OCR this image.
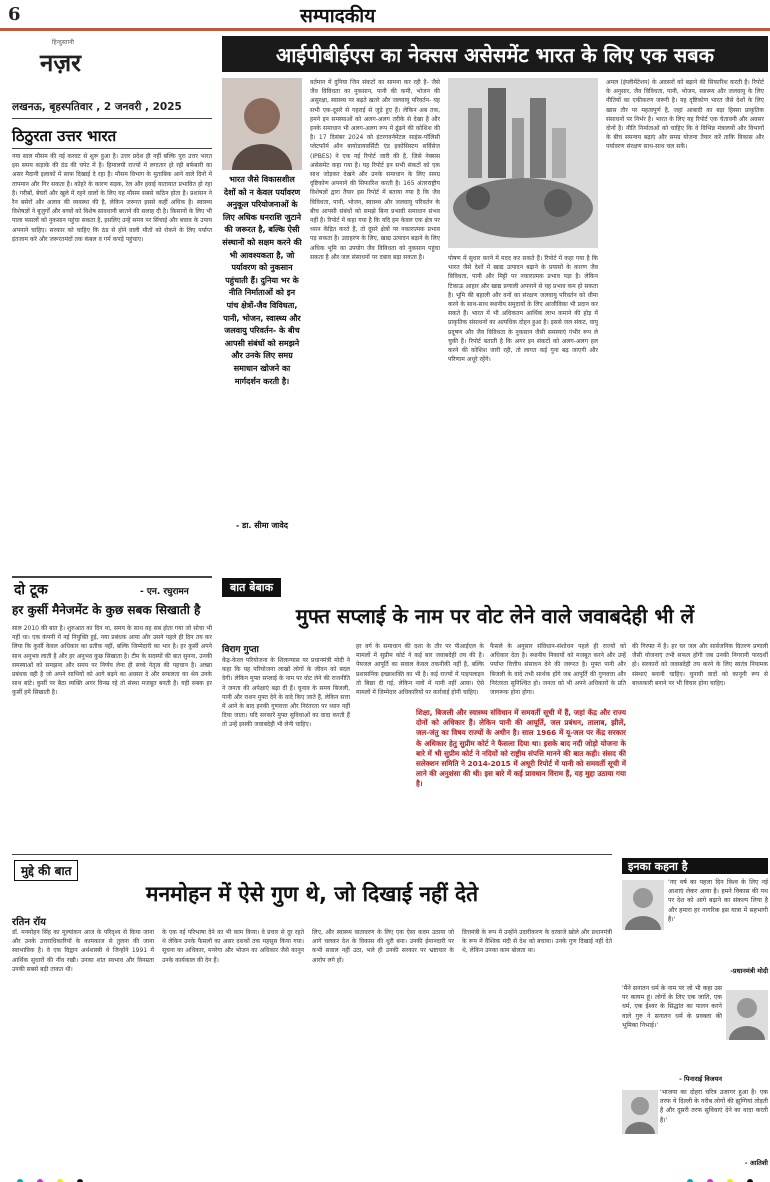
6	सम्पादकीय
हिन्दुस्तानी
नज़र
लखनऊ, बृहस्पतिवार , 2 जनवरी , 2025
आईपीबीईएस का नेक्सस असेसमेंट भारत के लिए एक सबक
ठिठुरता उत्तर भारत
नया साल मौसम की नई करवट से शुरू हुआ है। उत्तर प्रदेश ही नहीं बल्कि पूरा उत्तर भारत इस समय कड़ाके की ठंड की चपेट में है। हिमालयी राज्यों में लगातार हो रही बर्फबारी का असर मैदानी इलाकों में साफ दिखाई दे रहा है। मौसम विभाग के मुताबिक आने वाले दिनों में तापमान और गिर सकता है। कोहरे के कारण सड़क, रेल और हवाई यातायात प्रभावित हो रहा है। गरीबों, बेघरों और खुले में रहने वालों के लिए यह मौसम सबसे कठिन होता है। प्रशासन ने रैन बसेरों और अलाव की व्यवस्था की है, लेकिन जरूरत इससे कहीं अधिक है। स्वास्थ्य विशेषज्ञों ने बुजुर्गों और बच्चों को विशेष सावधानी बरतने की सलाह दी है। किसानों के लिए भी पाला फसलों को नुकसान पहुंचा सकता है, इसलिए उन्हें समय पर सिंचाई और बचाव के उपाय अपनाने चाहिए। सरकार को चाहिए कि ठंड से होने वाली मौतों को रोकने के लिए पर्याप्त इंतजाम करे और जरूरतमंदों तक कंबल व गर्म कपड़े पहुंचाए।
भारत जैसे विकासशील देशों को न केवल पर्यावरण अनुकूल परियोजनाओं के लिए अधिक धनराशि जुटाने की जरूरत है, बल्कि ऐसी संस्थानों को सक्षम करने की भी आवश्यकता है, जो पर्यावरण को नुकसान पहुंचाती हैं। दुनिया भर के नीति निर्माताओं को इन पांच क्षेत्रों-जैव विविधता, पानी, भोजन, स्वास्थ्य और जलवायु परिवर्तन- के बीच आपसी संबंधों को समझने और उनके लिए समग्र समाधान खोजने का मार्गदर्शन करती है।
- डा. सीमा जावेद
वर्तमान में दुनिया जिन संकटों का सामना कर रही है- जैसे जैव विविधता का नुकसान, पानी की कमी, भोजन की असुरक्षा, स्वास्थ्य पर बढ़ते खतरे और जलवायु परिवर्तन- यह सभी एक-दूसरे से गहराई से जुड़े हुए हैं। लेकिन अब तक, हमने इन समस्याओं को अलग-अलग तरीके से देखा है और इनके समाधान भी अलग-अलग रूप में ढूंढने की कोशिश की है। 17 दिसंबर 2024 को इंटरगवर्नमेंटल साइंस-पॉलिसी प्लेटफॉर्म ऑन बायोडायवर्सिटी एंड इकोसिस्टम सर्विसेज (IPBES) ने एक नई रिपोर्ट जारी की है, जिसे नेक्सस असेसमेंट कहा गया है। यह रिपोर्ट इन सभी संकटों को एक साथ जोड़कर देखने और उनके समाधान के लिए समग्र दृष्टिकोण अपनाने की सिफारिश करती है। 165 अंतरराष्ट्रीय विशेषज्ञों द्वारा तैयार इस रिपोर्ट में बताया गया है कि जैव विविधता, पानी, भोजन, स्वास्थ्य और जलवायु परिवर्तन के बीच आपसी संबंधों को समझे बिना प्रभावी समाधान संभव नहीं है। रिपोर्ट में कहा गया है कि यदि हम केवल एक क्षेत्र पर ध्यान केंद्रित करते हैं, तो दूसरे क्षेत्रों पर नकारात्मक प्रभाव पड़ सकता है। उदाहरण के लिए, खाद्य उत्पादन बढ़ाने के लिए अधिक भूमि का उपयोग जैव विविधता को नुकसान पहुंचा सकता है और जल संसाधनों पर दबाव बढ़ा सकता है।	पोषण में सुधार करने में मदद कर सकते हैं। रिपोर्ट में कहा गया है कि भारत जैसे देशों में खाद्य उत्पादन बढ़ाने के प्रयासों के कारण जैव विविधता, पानी और मिट्टी पर नकारात्मक प्रभाव पड़ा है। लेकिन टिकाऊ आहार और खाद्य प्रणाली अपनाने से यह प्रभाव कम हो सकता है। भूमि की बहाली और वनों का संरक्षण जलवायु परिवर्तन को धीमा करने के साथ-साथ स्थानीय समुदायों के लिए आजीविका भी प्रदान कर सकते हैं। भारत में भी अधिकतम आर्थिक लाभ कमाने की होड़ में प्राकृतिक संसाधनों का अत्यधिक दोहन हुआ है। इससे जल संकट, वायु प्रदूषण और जैव विविधता के नुकसान जैसी समस्याएं गंभीर रूप ले चुकी हैं। रिपोर्ट बताती है कि अगर इन संकटों को अलग-अलग हल करने की कोशिश जारी रही, तो लागत कई गुना बढ़ जाएगी और परिणाम अधूरे रहेंगे।
अमल (इंप्लीमेंटेशन) के अवसरों को बढ़ाने की सिफारिश करती है। रिपोर्ट के अनुसार, जैव विविधता, पानी, भोजन, स्वास्थ्य और जलवायु के लिए नीतियों का एकीकरण जरूरी है। यह दृष्टिकोण भारत जैसे देशों के लिए खास तौर पर महत्वपूर्ण है, जहां आबादी का बड़ा हिस्सा प्राकृतिक संसाधनों पर निर्भर है। भारत के लिए यह रिपोर्ट एक चेतावनी और अवसर दोनों है। नीति निर्माताओं को चाहिए कि वे विभिन्न मंत्रालयों और विभागों के बीच समन्वय बढ़ाएं और समग्र योजना तैयार करें ताकि विकास और पर्यावरण संरक्षण साथ-साथ चल सकें।
दो टूक	- एन. रघुरामन
हर कुर्सी मैनेजमेंट के कुछ सबक सिखाती है
साल 2010 की बात है। शुरुआत का दिन था, समय के साथ वह सब होता गया जो सोचा भी नहीं था। एक कंपनी में नई नियुक्ति हुई, नया प्रबंधक आया और उसने पहले ही दिन तय कर लिया कि कुर्सी केवल अधिकार का प्रतीक नहीं, बल्कि जिम्मेदारी का भार है। हर कुर्सी अपने साथ अनुभव लाती है और हर अनुभव कुछ सिखाता है। टीम के सदस्यों की बात सुनना, उनकी समस्याओं को समझना और समय पर निर्णय लेना ही सच्चे नेतृत्व की पहचान है। अच्छा प्रबंधक वही है जो अपने साथियों को आगे बढ़ने का अवसर दे और सफलता का श्रेय उनके साथ बांटे। कुर्सी पर बैठा व्यक्ति अगर विनम्र रहे तो संस्था मजबूत बनती है। यही सबक हर कुर्सी हमें सिखाती है।
बात बेबाक
मुफ्त सप्लाई के नाम पर वोट लेने वाले जवाबदेही भी लें
विराग गुप्ता
केंद्र-केरल परियोजना के शिलान्यास पर प्रधानमंत्री मोदी ने कहा कि यह परियोजना लाखों लोगों के जीवन को बदल देगी। लेकिन मुफ्त सप्लाई के नाम पर वोट लेने की राजनीति ने जनता की अपेक्षाएं बढ़ा दी हैं। चुनाव के समय बिजली, पानी और राशन मुफ्त देने के वादे किए जाते हैं, लेकिन सत्ता में आने के बाद इनकी गुणवत्ता और निरंतरता पर ध्यान नहीं दिया जाता। यदि सरकारें मुफ्त सुविधाओं का वादा करती हैं तो उन्हें इसकी जवाबदेही भी लेनी चाहिए।
हर वर्ग के समाधान की दशा के तौर पर पीआईएल के मामलों में सुप्रीम कोर्ट ने कई बार जवाबदेही तय की है। पेयजल आपूर्ति का सवाल केवल तकनीकी नहीं है, बल्कि प्रशासनिक इच्छाशक्ति का भी है। कई राज्यों में पाइपलाइन तो बिछा दी गई, लेकिन नलों में पानी नहीं आया। ऐसे मामलों में जिम्मेदार अधिकारियों पर कार्रवाई होनी चाहिए।
फैसले के अनुसार संविधान-संशोधन पहले ही राज्यों को अधिकार देता है। स्थानीय निकायों को मजबूत करने और उन्हें पर्याप्त वित्तीय संसाधन देने की जरूरत है। मुफ्त पानी और बिजली के वादे तभी सार्थक होंगे जब आपूर्ति की गुणवत्ता और निरंतरता सुनिश्चित हो। जनता को भी अपने अधिकारों के प्रति जागरूक होना होगा।
की गिरफ्त में है। हर घर जल और सार्वजनिक वितरण प्रणाली जैसी योजनाएं तभी सफल होंगी जब उनकी निगरानी पारदर्शी हो। सरकारों को जवाबदेही तय करने के लिए स्वतंत्र नियामक संस्थाएं बनानी चाहिए। चुनावी वादों को कानूनी रूप से बाध्यकारी बनाने पर भी विचार होना चाहिए।
शिक्षा, बिजली और स्वास्थ्य संविधान में समवर्ती सूची में हैं, जहां केंद्र और राज्य दोनों को अधिकार हैं। लेकिन पानी की आपूर्ति, जल प्रबंधन, तालाब, झीलें, जल-जंतु का विषय राज्यों के अधीन है। साल 1966 में यू-जल पर केंद्र सरकार के अधिकार हेतु सुप्रीम कोर्ट ने फैसला दिया था। इसके बाद नदी जोड़ो योजना के बारे में भी सुप्रीम कोर्ट ने नदियों को राष्ट्रीय संपत्ति मानने की बात कही। संसद की सलेक्शन समिति ने 2014-2015 में अधूरी रिपोर्ट में पानी को समवर्ती सूची में लाने की अनुशंसा की थी। इस बारे में कई प्रावधान विराम हैं, यह मुद्दा उठाया गया है।
मुद्दे की बात
मनमोहन में ऐसे गुण थे, जो दिखाई नहीं देते
रतिन रॉय
डॉ. मनमोहन सिंह का मूल्यांकन आज के परिदृश्य से किया जाना और उनके उत्तराधिकारियों के कामकाज से तुलना की जाना स्वाभाविक है। वे एक विद्वान अर्थशास्त्री थे जिन्होंने 1991 में आर्थिक सुधारों की नींव रखी। उनका शांत स्वभाव और विनम्रता उनकी सबसे बड़ी ताकत थी।
के एक नई परिभाषा देने का भी काम किया। वे प्रचार से दूर रहते थे लेकिन उनके फैसलों का असर दशकों तक महसूस किया गया। सूचना का अधिकार, मनरेगा और भोजन का अधिकार जैसे कानून उनके कार्यकाल की देन हैं।
लिए, और स्वास्थ्य वातावरण के लिए एक ऐसा कदम उठाया जो आगे चलकर देश के विकास की धुरी बना। उनकी ईमानदारी पर कभी सवाल नहीं उठा, भले ही उनकी सरकार पर भ्रष्टाचार के आरोप लगे हों।
वित्तमंत्री के रूप में उन्होंने उदारीकरण के दरवाजे खोले और प्रधानमंत्री के रूप में वैश्विक मंदी से देश को बचाया। उनके गुण दिखाई नहीं देते थे, लेकिन उनका काम बोलता था।
इनका कहना है
'नए वर्ष का पहला दिन विश्व के लिए नई आशाएं लेकर आया है। हमने विकास की पथ पर देश को आगे बढ़ाने का संकल्प लिया है और हमारा हर नागरिक इस यात्रा में सहभागी है।'
-प्रधानमंत्री मोदी
'मैंने सनातन धर्म के नाम पर जो भी कहा उस पर कायम हूं। लोगों के लिए एक जाति, एक धर्म, एक ईश्वर के सिद्धांत का पालन करने वाले गुरु ने सनातन धर्म के प्रवक्ता की भूमिका निभाई।'
- पिनाराई विजयन
'भाजपा का दोहरा चरित्र उजागर हुआ है। एक तरफ ये दिल्ली के गरीब लोगों की झुग्गियां तोड़ती है और दूसरी तरफ सुविधाएं देने का वादा करती है।'
- आतिशी
